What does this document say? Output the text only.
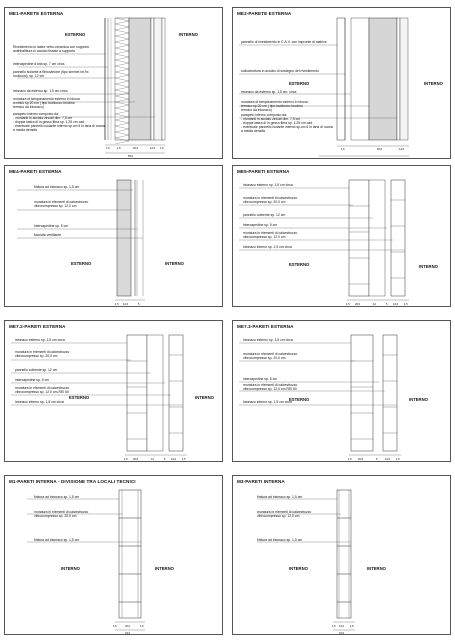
ME1-PARETE ESTERNA
ESTERNO	INTERNO
Rivestimento in lastre vetro-ceramica con supporto
antiribaltitura in acciaio fissate a supporto
intercapedine d'aria sp. 7 cm circa
pannello isolante a fibrocartone (tipo simmel rot fix
rockwool), sp. 12 cm
intonaco da esterno sp. 1,5 cm circa
muratura di tamponamento esterno in blocco
termico sp.20 cm ( tipo isoblocco brodino
termico da intonaco)
parapeto interno composto da:
- montanti in acciaio zincati dim. 7,5 cm
- doppia lastra di in gesso fibra sp. 1,25 cm cad.
- eventuale pannello isolante interno sp.cm 6 in lana di roccia
a media densità
7,0	1,5	20,0	12,5 1,5
55,0
ME2-PARETE ESTERNA
ESTERNO	INTERNO
pannello di rivestimento in C.A.V. con impronte di matrice
sottostruttura in acciaio di sostegno del rivestimento
intonaco da esterno sp. 1,5 cm. circa
muratura di tamponamento esterno in blocco
termico sp.20 cm ( tipo isoblocco brodino
termico da intonaco)
parapeto interno composto da:
- montanti in acciaio zincati dim. 7,5 cm
- doppia lastra di in gesso fibra sp. 1,25 cm cad.
- eventuale pannello isolante interno sp.cm 6 in lana di roccia
a media densità
1,5	20,0	12,5
55,0
ME4-PARETI ESTERNA
ESTERNO	INTERNO
finitura ad intonaco sp. 1,5 cm
muratura in elementi di calcestruzzo
vibrocompresso sp. 12,0 cm
intercapedine sp. 5 cm
facciata ventilante
1,5 12,0	5
ME5-PARETI ESTERNA
ESTERNO	INTERNO
intonaco esterno sp. 1,5 cm circa
muratura in elementi di calcestruzzo
vibrocompresso sp. 20,0 cm
pannello coibente sp. 12 cm
intercapedine sp. 5 cm
muratura in elementi di calcestruzzo
vibrocompresso sp. 12,0 cm
intonaco interno sp. 1,5 cm circa
1,5 20,0	12	5 12,0 1,5
ME7.2-PARETI ESTERNA
ESTERNO	INTERNO
intonaco esterno sp. 1,5 cm circa
muratura in elementi di calcestruzzo
vibrocompresso sp. 20,0 cm
pannello coibente sp. 12 cm
intercapedine sp. 5 cm
muratura in elementi di calcestruzzo
vibrocompresso sp. 12,0 cm-REI 60
intonaco interno sp. 1,5 cm circa
1,5 20,0	12	5 12,0 1,5
ME7.3-PARETI ESTERNA
ESTERNO	INTERNO
intonaco esterno sp. 1,5 cm circa
muratura in elementi di calcestruzzo
vibrocompresso sp. 20,0 cm
intercapedine sp. 5 cm
muratura in elementi di calcestruzzo
vibrocompresso sp. 12,0 cm-REI 60
intonaco interno sp. 1,5 cm circa
1,5 20,0	5	12,0 1,5
M1-PARETI INTERNA - DIVISIONE TRA LOCALI TECNICI
INTERNO	INTERNO
finitura ad intonaco sp. 1,5 cm
muratura in elementi di calcestruzzo
vibrocompresso sp. 20,0 cm
finitura ad intonaco sp. 1,5 cm
1,5	20,0	1,5
23,0
M3-PARETI INTERNA
INTERNO	INTERNO
finitura ad intonaco sp. 1,5 cm
muratura in elementi di calcestruzzo
vibrocompresso sp. 12,0 cm
finitura ad intonaco sp. 1,5 cm
1,5 12,0 1,5
15,0
